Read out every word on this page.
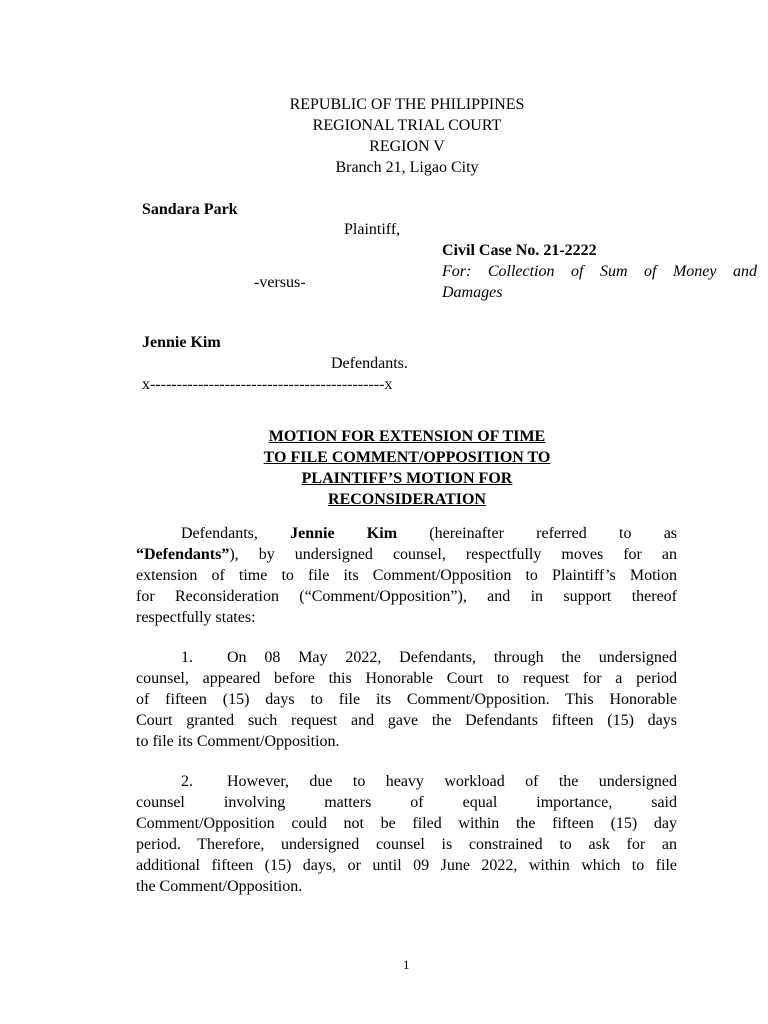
REPUBLIC OF THE PHILIPPINES
REGIONAL TRIAL COURT
REGION V
Branch 21, Ligao City
Sandara Park
Plaintiff,
Civil Case No. 21-2222
For: Collection of Sum of Money and
Damages
-versus-
Jennie Kim
Defendants.
x--------------------------------------------x
MOTION FOR EXTENSION OF TIME
TO FILE COMMENT/OPPOSITION TO
PLAINTIFF’S MOTION FOR
RECONSIDERATION
Defendants, Jennie Kim (hereinafter referred to as
“Defendants”), by undersigned counsel, respectfully moves for an
extension of time to file its Comment/Opposition to Plaintiff’s Motion
for Reconsideration (“Comment/Opposition”), and in support thereof
respectfully states:
1. On 08 May 2022, Defendants, through the undersigned
counsel, appeared before this Honorable Court to request for a period
of fifteen (15) days to file its Comment/Opposition. This Honorable
Court granted such request and gave the Defendants fifteen (15) days
to file its Comment/Opposition.
2. However, due to heavy workload of the undersigned
counsel involving matters of equal importance, said
Comment/Opposition could not be filed within the fifteen (15) day
period. Therefore, undersigned counsel is constrained to ask for an
additional fifteen (15) days, or until 09 June 2022, within which to file
the Comment/Opposition.
1
